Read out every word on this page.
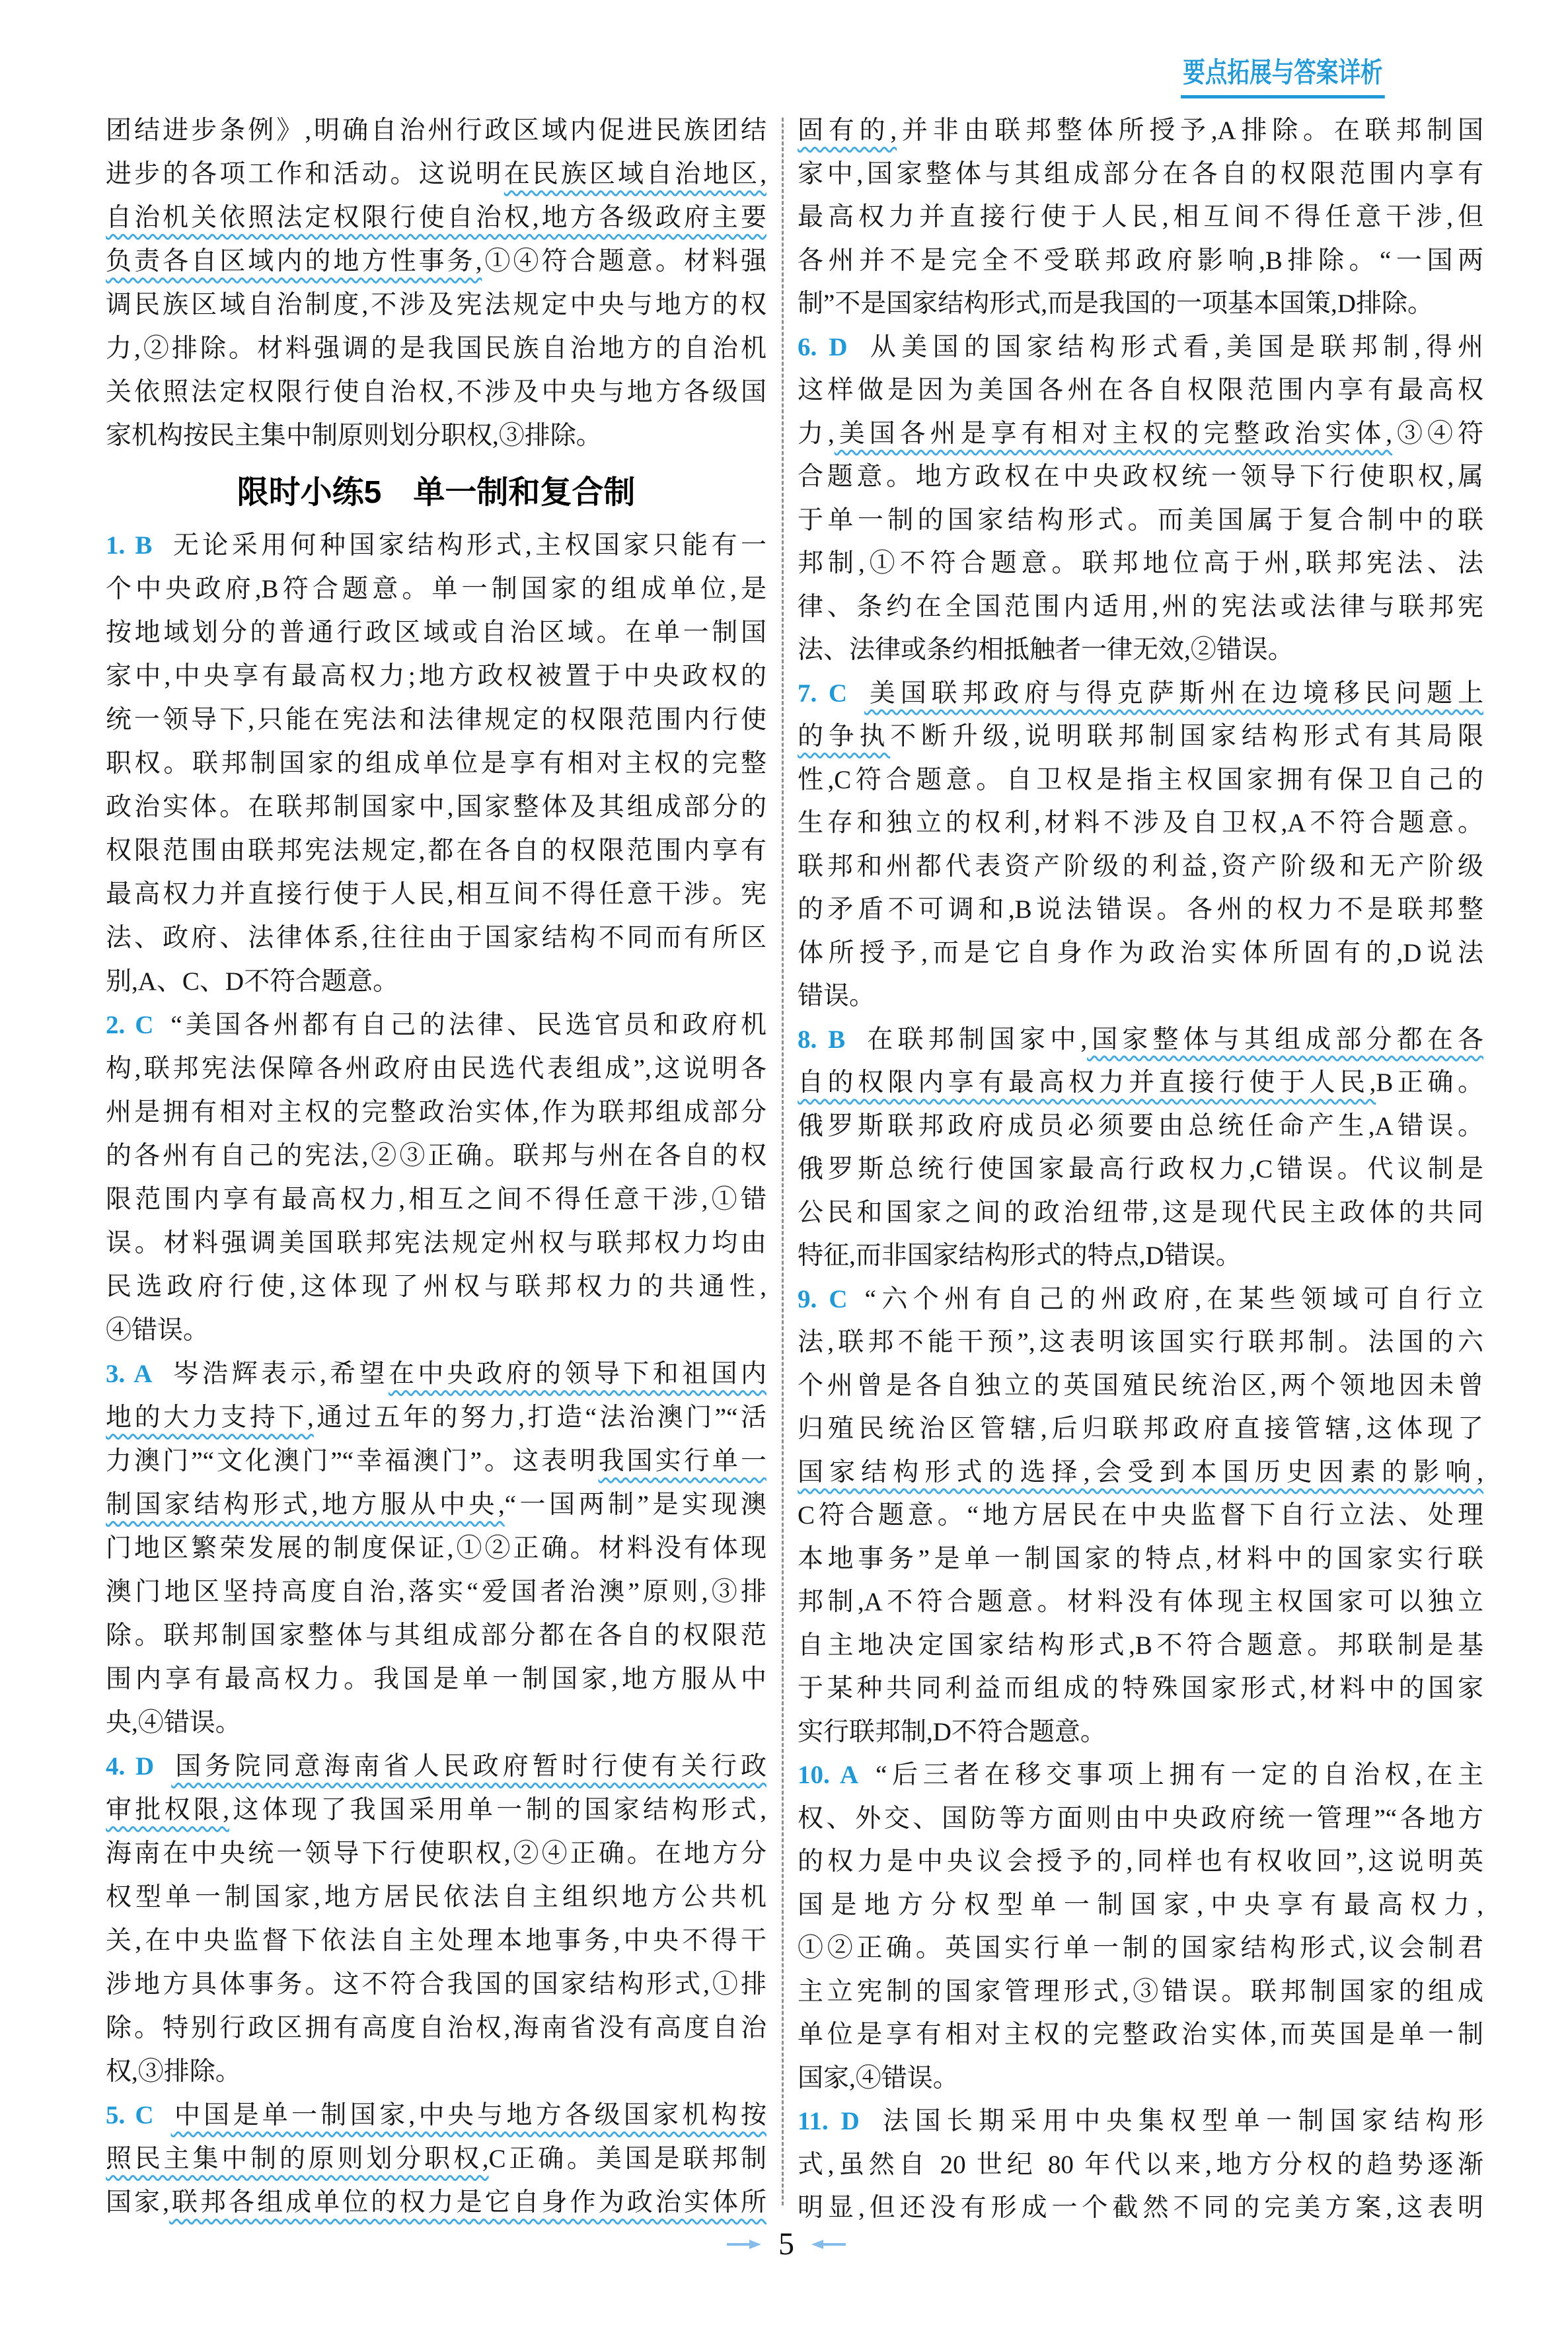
要点拓展与答案详析
团结进步条例》,明确自治州行政区域内促进民族团结
进步的各项工作和活动。这说明在民族区域自治地区,
自治机关依照法定权限行使自治权,地方各级政府主要
负责各自区域内的地方性事务,①④符合题意。材料强
调民族区域自治制度,不涉及宪法规定中央与地方的权
力,②排除。材料强调的是我国民族自治地方的自治机
关依照法定权限行使自治权,不涉及中央与地方各级国
家机构按民主集中制原则划分职权,③排除。
限时小练5　单一制和复合制
1. B 无论采用何种国家结构形式,主权国家只能有一
个中央政府,B符合题意。单一制国家的组成单位,是
按地域划分的普通行政区域或自治区域。在单一制国
家中,中央享有最高权力;地方政权被置于中央政权的
统一领导下,只能在宪法和法律规定的权限范围内行使
职权。联邦制国家的组成单位是享有相对主权的完整
政治实体。在联邦制国家中,国家整体及其组成部分的
权限范围由联邦宪法规定,都在各自的权限范围内享有
最高权力并直接行使于人民,相互间不得任意干涉。宪
法、政府、法律体系,往往由于国家结构不同而有所区
别,A、C、D不符合题意。
2. C “美国各州都有自己的法律、民选官员和政府机
构,联邦宪法保障各州政府由民选代表组成”,这说明各
州是拥有相对主权的完整政治实体,作为联邦组成部分
的各州有自己的宪法,②③正确。联邦与州在各自的权
限范围内享有最高权力,相互之间不得任意干涉,①错
误。材料强调美国联邦宪法规定州权与联邦权力均由
民选政府行使,这体现了州权与联邦权力的共通性,
④错误。
3. A 岑浩辉表示,希望在中央政府的领导下和祖国内
地的大力支持下,通过五年的努力,打造“法治澳门”“活
力澳门”“文化澳门”“幸福澳门”。这表明我国实行单一
制国家结构形式,地方服从中央,“一国两制”是实现澳
门地区繁荣发展的制度保证,①②正确。材料没有体现
澳门地区坚持高度自治,落实“爱国者治澳”原则,③排
除。联邦制国家整体与其组成部分都在各自的权限范
围内享有最高权力。我国是单一制国家,地方服从中
央,④错误。
4. D 国务院同意海南省人民政府暂时行使有关行政
审批权限,这体现了我国采用单一制的国家结构形式,
海南在中央统一领导下行使职权,②④正确。在地方分
权型单一制国家,地方居民依法自主组织地方公共机
关,在中央监督下依法自主处理本地事务,中央不得干
涉地方具体事务。这不符合我国的国家结构形式,①排
除。特别行政区拥有高度自治权,海南省没有高度自治
权,③排除。
5. C 中国是单一制国家,中央与地方各级国家机构按
照民主集中制的原则划分职权,C正确。美国是联邦制
国家,联邦各组成单位的权力是它自身作为政治实体所
固有的,并非由联邦整体所授予,A排除。在联邦制国
家中,国家整体与其组成部分在各自的权限范围内享有
最高权力并直接行使于人民,相互间不得任意干涉,但
各州并不是完全不受联邦政府影响,B排除。“一国两
制”不是国家结构形式,而是我国的一项基本国策,D排除。
6. D 从美国的国家结构形式看,美国是联邦制,得州
这样做是因为美国各州在各自权限范围内享有最高权
力,美国各州是享有相对主权的完整政治实体,③④符
合题意。地方政权在中央政权统一领导下行使职权,属
于单一制的国家结构形式。而美国属于复合制中的联
邦制,①不符合题意。联邦地位高于州,联邦宪法、法
律、条约在全国范围内适用,州的宪法或法律与联邦宪
法、法律或条约相抵触者一律无效,②错误。
7. C 美国联邦政府与得克萨斯州在边境移民问题上
的争执不断升级,说明联邦制国家结构形式有其局限
性,C符合题意。自卫权是指主权国家拥有保卫自己的
生存和独立的权利,材料不涉及自卫权,A不符合题意。
联邦和州都代表资产阶级的利益,资产阶级和无产阶级
的矛盾不可调和,B说法错误。各州的权力不是联邦整
体所授予,而是它自身作为政治实体所固有的,D说法
错误。
8. B 在联邦制国家中,国家整体与其组成部分都在各
自的权限内享有最高权力并直接行使于人民,B正确。
俄罗斯联邦政府成员必须要由总统任命产生,A错误。
俄罗斯总统行使国家最高行政权力,C错误。代议制是
公民和国家之间的政治纽带,这是现代民主政体的共同
特征,而非国家结构形式的特点,D错误。
9. C “六个州有自己的州政府,在某些领域可自行立
法,联邦不能干预”,这表明该国实行联邦制。法国的六
个州曾是各自独立的英国殖民统治区,两个领地因未曾
归殖民统治区管辖,后归联邦政府直接管辖,这体现了
国家结构形式的选择,会受到本国历史因素的影响,
C符合题意。“地方居民在中央监督下自行立法、处理
本地事务”是单一制国家的特点,材料中的国家实行联
邦制,A不符合题意。材料没有体现主权国家可以独立
自主地决定国家结构形式,B不符合题意。邦联制是基
于某种共同利益而组成的特殊国家形式,材料中的国家
实行联邦制,D不符合题意。
10. A “后三者在移交事项上拥有一定的自治权,在主
权、外交、国防等方面则由中央政府统一管理”“各地方
的权力是中央议会授予的,同样也有权收回”,这说明英
国是地方分权型单一制国家,中央享有最高权力,
①②正确。英国实行单一制的国家结构形式,议会制君
主立宪制的国家管理形式,③错误。联邦制国家的组成
单位是享有相对主权的完整政治实体,而英国是单一制
国家,④错误。
11. D 法国长期采用中央集权型单一制国家结构形
式,虽然自 20 世纪 80 年代以来,地方分权的趋势逐渐
明显,但还没有形成一个截然不同的完美方案,这表明
5
